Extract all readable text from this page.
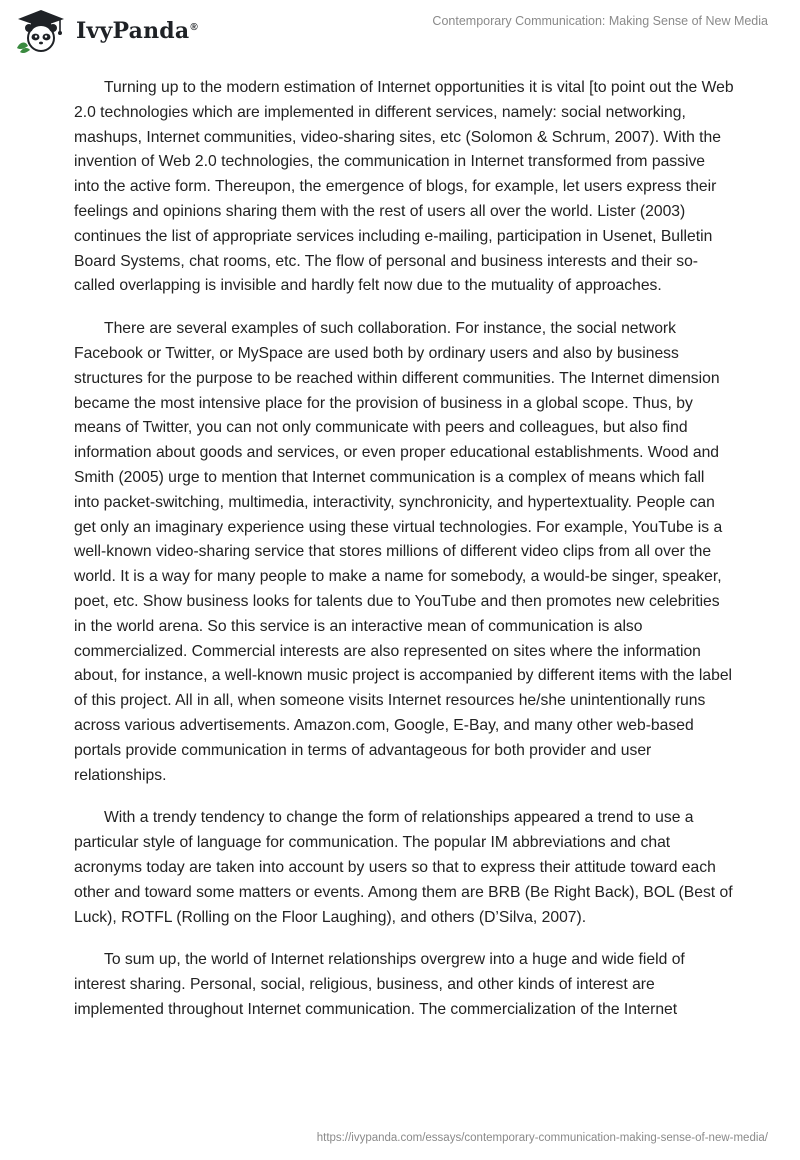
IvyPanda®	Contemporary Communication: Making Sense of New Media

Turning up to the modern estimation of Internet opportunities it is vital [to point out the Web 2.0 technologies which are implemented in different services, namely: social networking, mashups, Internet communities, video-sharing sites, etc (Solomon & Schrum, 2007). With the invention of Web 2.0 technologies, the communication in Internet transformed from passive into the active form. Thereupon, the emergence of blogs, for example, let users express their feelings and opinions sharing them with the rest of users all over the world. Lister (2003) continues the list of appropriate services including e-mailing, participation in Usenet, Bulletin Board Systems, chat rooms, etc. The flow of personal and business interests and their so-called overlapping is invisible and hardly felt now due to the mutuality of approaches.

There are several examples of such collaboration. For instance, the social network Facebook or Twitter, or MySpace are used both by ordinary users and also by business structures for the purpose to be reached within different communities. The Internet dimension became the most intensive place for the provision of business in a global scope. Thus, by means of Twitter, you can not only communicate with peers and colleagues, but also find information about goods and services, or even proper educational establishments. Wood and Smith (2005) urge to mention that Internet communication is a complex of means which fall into packet-switching, multimedia, interactivity, synchronicity, and hypertextuality. People can get only an imaginary experience using these virtual technologies. For example, YouTube is a well-known video-sharing service that stores millions of different video clips from all over the world. It is a way for many people to make a name for somebody, a would-be singer, speaker, poet, etc. Show business looks for talents due to YouTube and then promotes new celebrities in the world arena. So this service is an interactive mean of communication is also commercialized. Commercial interests are also represented on sites where the information about, for instance, a well-known music project is accompanied by different items with the label of this project. All in all, when someone visits Internet resources he/she unintentionally runs across various advertisements. Amazon.com, Google, E-Bay, and many other web-based portals provide communication in terms of advantageous for both provider and user relationships.

With a trendy tendency to change the form of relationships appeared a trend to use a particular style of language for communication. The popular IM abbreviations and chat acronyms today are taken into account by users so that to express their attitude toward each other and toward some matters or events. Among them are BRB (Be Right Back), BOL (Best of Luck), ROTFL (Rolling on the Floor Laughing), and others (D’Silva, 2007).

To sum up, the world of Internet relationships overgrew into a huge and wide field of interest sharing. Personal, social, religious, business, and other kinds of interest are implemented throughout Internet communication. The commercialization of the Internet

https://ivypanda.com/essays/contemporary-communication-making-sense-of-new-media/
